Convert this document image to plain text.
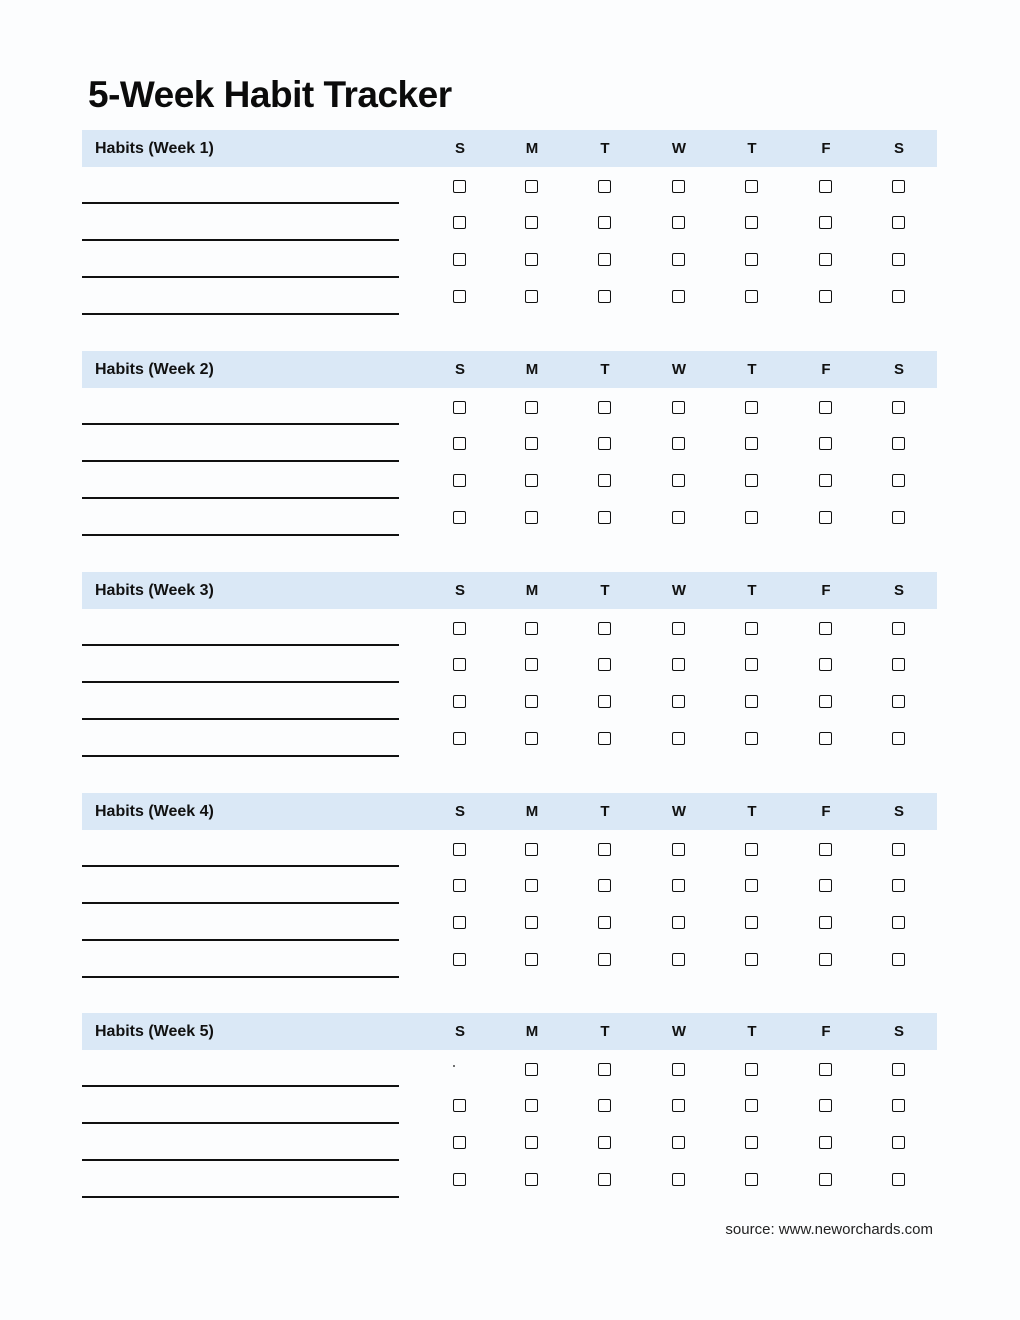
5-Week Habit Tracker
Habits (Week 1)	S	M	T	W	T	F	S
Habits (Week 2)	S	M	T	W	T	F	S
Habits (Week 3)	S	M	T	W	T	F	S
Habits (Week 4)	S	M	T	W	T	F	S
Habits (Week 5)	S	M	T	W	T	F	S
source: www.neworchards.com
